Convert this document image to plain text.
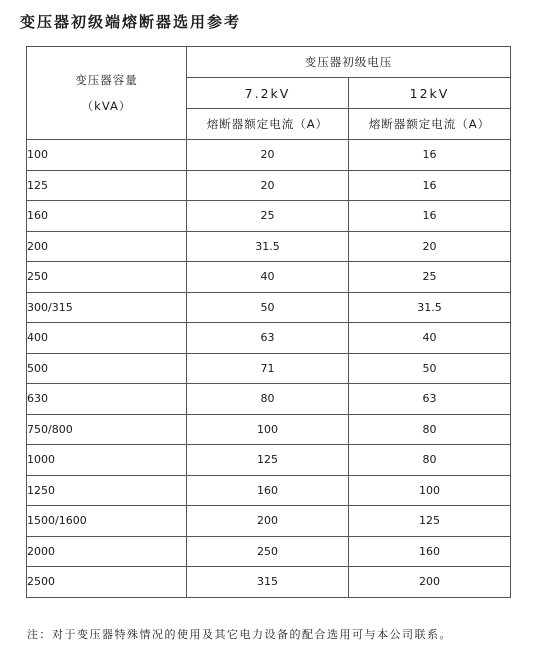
变压器初级端熔断器选用参考
变压器容量
（kVA）	变压器初级电压	
	7.2kV	12kV
	熔断器额定电流（A）	熔断器额定电流（A）
100	20	16
125	20	16
160	25	16
200	31.5	20
250	40	25
300/315	50	31.5
400	63	40
500	71	50
630	80	63
750/800	100	80
1000	125	80
1250	160	100
1500/1600	200	125
2000	250	160
2500	315	200
注：对于变压器特殊情况的使用及其它电力设备的配合选用可与本公司联系。
